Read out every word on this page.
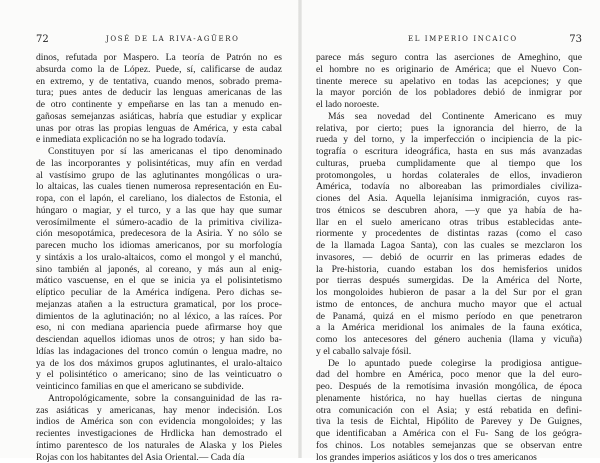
72	JOSÉ DE LA RIVA-AGÜERO
dinos, refutada por Maspero. La teoría de Patrón no es
absurda como la de López. Puede, sí, calificarse de audaz
en extremo, y de tentativa, cuando menos, sobrado prema-
tura; pues antes de deducir las lenguas americanas de las
de otro continente y empeñarse en las tan a menudo en-
gañosas semejanzas asiáticas, habría que estudiar y explicar
unas por otras las propias lenguas de América, y esta cabal
e inmediata explicación no se ha logrado todavía.
Constituyen por sí las americanas el tipo denominado
de las incorporantes y polisintéticas, muy afín en verdad
al vastísimo grupo de las aglutinantes mongólicas o ura-
lo altaicas, las cuales tienen numerosa representación en Eu-
ropa, con el lapón, el careliano, los dialectos de Estonia, el
húngaro o magiar, y el turco, y a las que hay que sumar
verosímilmente el súmero-acadio de la primitiva civiliza-
ción mesopotámica, predecesora de la Asiria. Y no sólo se
parecen mucho los idiomas americanos, por su morfología
y sintáxis a los uralo-altaicos, como el mongol y el manchú,
sino también al japonés, al coreano, y más aun al enig-
mático vascuense, en el que se inicia ya el polisintetismo
elíptico peculiar de la América indígena. Pero dichas se-
mejanzas atañen a la estructura gramatical, por los proce-
dimientos de la aglutinación; no al léxico, a las raíces. Por
eso, ni con mediana apariencia puede afirmarse hoy que
desciendan aquellos idiomas unos de otros; y han sido ba-
ldías las indagaciones del tronco común o lengua madre, no
ya de los dos máximos grupos aglutinantes, el uralo-altaico
y el polisintético o americano; sino de las veinticuatro o
veinticinco familias en que el americano se subdivide.
Antropológicamente, sobre la consanguinidad de las ra-
zas asiáticas y americanas, hay menor indecisión. Los
indios de América son con evidencia mongoloides; y las
recientes investigaciones de Hrdlicka han demostrado el
íntimo parentesco de los naturales de Alaska y los Pieles
Rojas con los habitantes del Asia Oriental.— Cada día
EL IMPERIO INCAICO	73
parece más seguro contra las aserciones de Ameghino, que
el hombre no es originario de América; que el Nuevo Con-
tinente merece su apelativo en todas las acepciones; y que
la mayor porción de los pobladores debió de inmigrar por
el lado noroeste.
Más sea novedad del Continente Americano es muy
relativa, por cierto; pues la ignorancia del hierro, de la
rueda y del torno, y la imperfección o incipiencia de la pic-
tografía o escritura ideográfica, hasta en sus más avanzadas
culturas, prueba cumplidamente que al tiempo que los
protomongoles, u hordas colaterales de ellos, invadieron
América, todavía no alboreaban las primordiales civiliza-
ciones del Asia. Aquella lejanísima inmigración, cuyos ras-
tros étnicos se descubren ahora, —y que ya había de ha-
llar en el suelo americano otras tribus establecidas ante-
riormente y procedentes de distintas razas (como el caso
de la llamada Lagoa Santa), con las cuales se mezclaron los
invasores, — debió de ocurrir en las primeras edades de
la Pre-historia, cuando estaban los dos hemisferios unidos
por tierras después sumergidas. De la América del Norte,
los mongoloides hubieron de pasar a la del Sur por el gran
istmo de entonces, de anchura mucho mayor que el actual
de Panamá, quizá en el mismo período en que penetraron
a la América meridional los animales de la fauna exótica,
como los antecesores del género auchenia (llama y vicuña)
y el caballo salvaje fósil.
De lo apuntado puede colegirse la prodigiosa antigue-
dad del hombre en América, poco menor que la del euro-
peo. Después de la remotísima invasión mongólica, de época
plenamente histórica, no hay huellas ciertas de ninguna
otra comunicación con el Asia; y está rebatida en defini-
tiva la tesis de Eichtal, Hipólito de Parevey y De Guignes,
que identificaban a América con el Fu- Sang de los geógra-
fos chinos. Los notables semejanzas que se observan entre
los grandes imperios asiáticos y los dos o tres americanos
